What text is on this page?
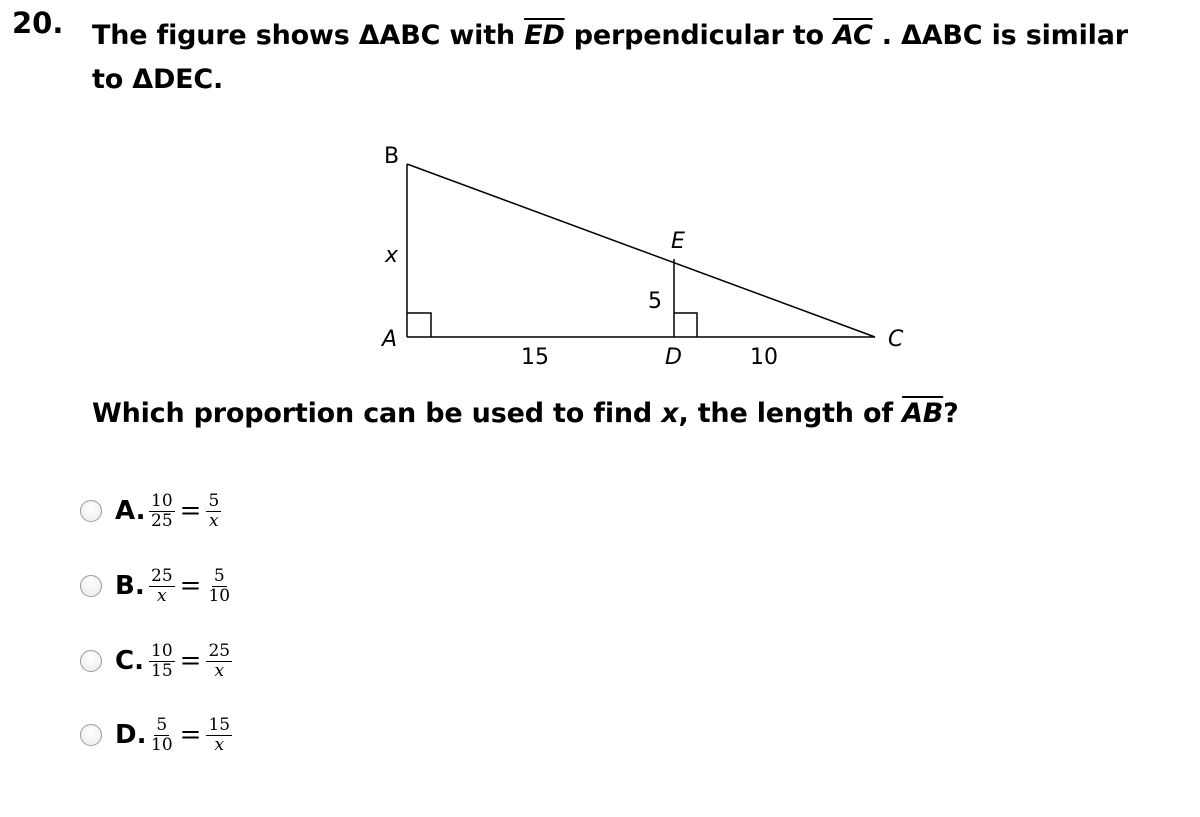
20. The figure shows ΔABC with $\overline{ED}$ perpendicular to $\overline{AC}$ . ΔABC is similar
to ΔDEC.
B
A	C
D
E
x
5
15	10
Which proportion can be used to find x, the length of $\overline{AB}$?
A. $\frac{10}{25} = \frac{5}{x}$
B. $\frac{25}{x} = \frac{5}{10}$
C. $\frac{10}{15} = \frac{25}{x}$
D. $\frac{5}{10} = \frac{15}{x}$
